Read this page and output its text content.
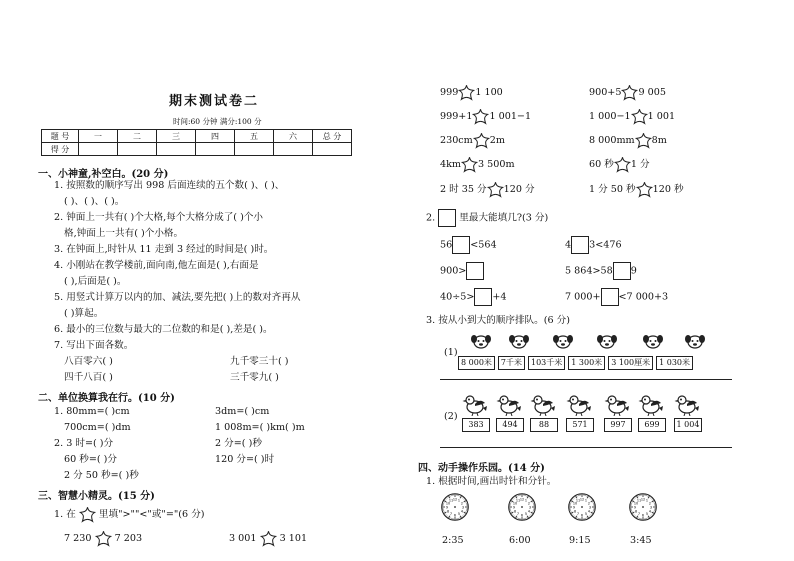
期末测试卷二
时间:60 分钟 满分:100 分
题 号	一	二	三	四	五	六	总 分
得 分							
一、小神童,补空白。(20 分)
1. 按照数的顺序写出 998 后面连续的五个数( )、( )、
( )、( )、( )。
2. 钟面上一共有( )个大格,每个大格分成了( )个小
格,钟面上一共有( )个小格。
3. 在钟面上,时针从 11 走到 3 经过的时间是( )时。
4. 小刚站在教学楼前,面向南,他左面是( ),右面是
( ),后面是( )。
5. 用竖式计算万以内的加、减法,要先把( )上的数对齐再从
( )算起。
6. 最小的三位数与最大的二位数的和是( ),差是( )。
7. 写出下面各数。
八百零六( )	九千零三十( )
四千八百( )	三千零九( )
二、单位换算我在行。(10 分)
1. 80mm=( )cm	3dm=( )cm
700cm=( )dm	1 008m=( )km( )m
2. 3 时=( )分	2 分=( )秒
60 秒=( )分	120 分=( )时
2 分 50 秒=( )秒
三、智慧小精灵。(15 分)
1. 在 里填">""<"或"="(6 分)
7 230 7 203	3 001 3 101
999 1 100	900+5 9 005
999+1 1 001−1	1 000−1 1 001
230cm 2m	8 000mm 8m
4km 3 500m	60 秒 1 分
2 时 35 分 120 分	1 分 50 秒 120 秒
2.	里最大能填几?(3 分)
56 <564	4 3<476
900>	5 864>58 9
40÷5> +4	7 000+ <7 000+3
3. 按从小到大的顺序排队。(6 分)
(1)
8 000米 7千米 103千米 1 300米 3 100厘米 1 030米
(2)
383	494	88	571	997	699	1 004
四、动手操作乐园。(14 分)
1. 根据时间,画出时针和分针。
1
2
3
4
5
6
7
8
9
10
11 12
2:35
1
2
3
4
5
6
7
8
9
10
11 12
6:00
1
2
3
4
5
6
7
8
9
10
11 12
9:15
1
2
3
4
5
6
7
8
9
10
11 12
3:45
